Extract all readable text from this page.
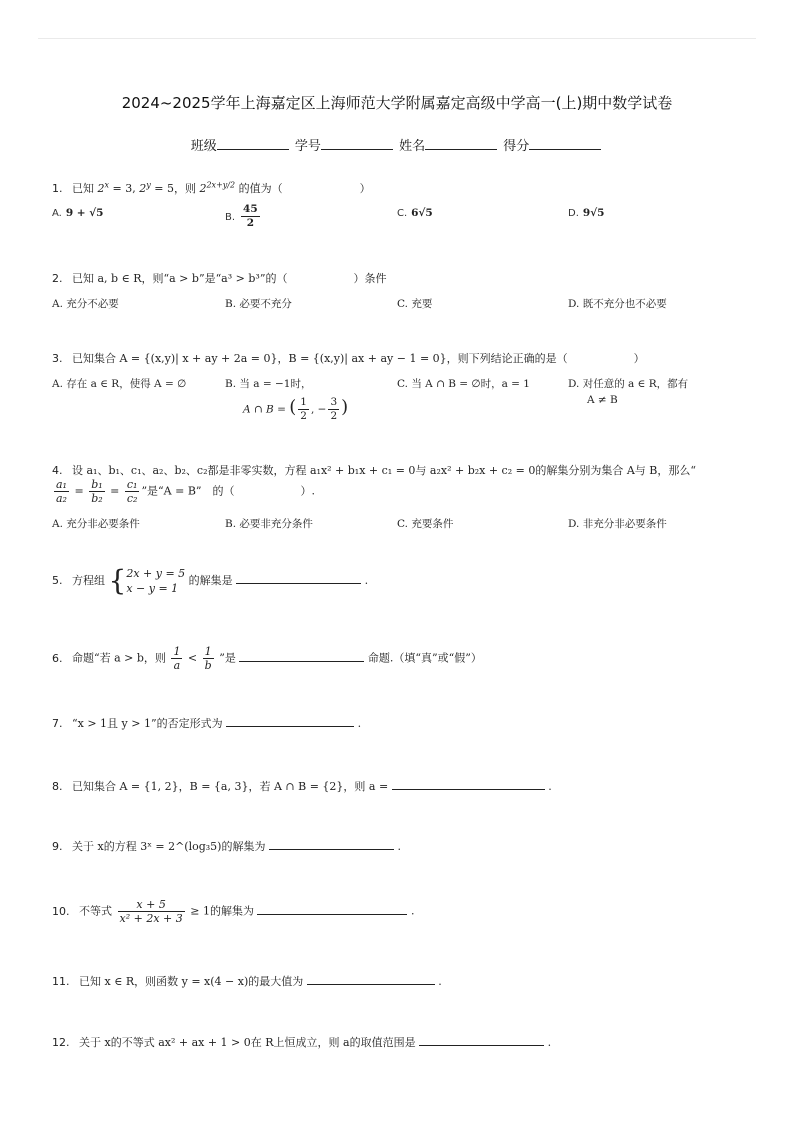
2024~2025学年上海嘉定区上海师范大学附属嘉定高级中学高一(上)期中数学试卷
班级	学号	姓名	得分
1. 已知 $2^x = 3$, $2^y = 5$，则 $2^{2x+y/2}$ 的值为（　　　　　　　）
A. 9 + √5	B. $\frac{45}{2}$	C. 6√5	D. 9√5
2. 已知 a, b ∈ R，则“a > b”是“a³ > b³”的（　　　　　　）条件
A. 充分不必要	B. 必要不充分	C. 充要	D. 既不充分也不必要
3. 已知集合 A = {(x,y)| x + ay + 2a = 0}，B = {(x,y)| ax + ay − 1 = 0}，则下列结论正确的是（　　　　　　）
A. 存在 a ∈ R，使得 A = ∅	B. 当 a = −1时，
A ∩ B = ( $\frac{1}{2}$ , − $\frac{3}{2}$ )
C. 当 A ∩ B = ∅时，a = 1	D. 对任意的 a ∈ R，都有
A ≠ B
4. 设 a₁、b₁、c₁、a₂、b₂、c₂都是非零实数，方程 a₁x² + b₁x + c₁ = 0与 a₂x² + b₂x + c₂ = 0的解集分别为集合 A与 B，那么“
$\frac{\text{a₁}}{\text{a₂}} = \frac{\text{b₁}}{\text{b₂}} = \frac{\text{c₁}}{\text{c₂}}$ ”是“A = B”　的（　　　　　　）.
A. 充分非必要条件	B. 必要非充分条件	C. 充要条件	D. 非充分非必要条件
5. 方程组 { 2x + y = 5
x − y = 1
的解集是	.
6. 命题“若 a > b，则 $\frac{1}{a} < \frac{1}{b}$ ”是	命题.（填“真”或“假”）
7. “x > 1且 y > 1”的否定形式为	.
8. 已知集合 A = {1, 2}，B = {a, 3}，若 A ∩ B = {2}，则 a =	.
9. 关于 x的方程 3ˣ = 2^(log₃5)的解集为	.
10. 不等式 $\frac{x + 5}{\text{x² + 2x + 3}} \ge 1$的解集为	.
11. 已知 x ∈ R，则函数 y = x(4 − x)的最大值为	.
12. 关于 x的不等式 ax² + ax + 1 > 0在 R上恒成立，则 a的取值范围是	.
